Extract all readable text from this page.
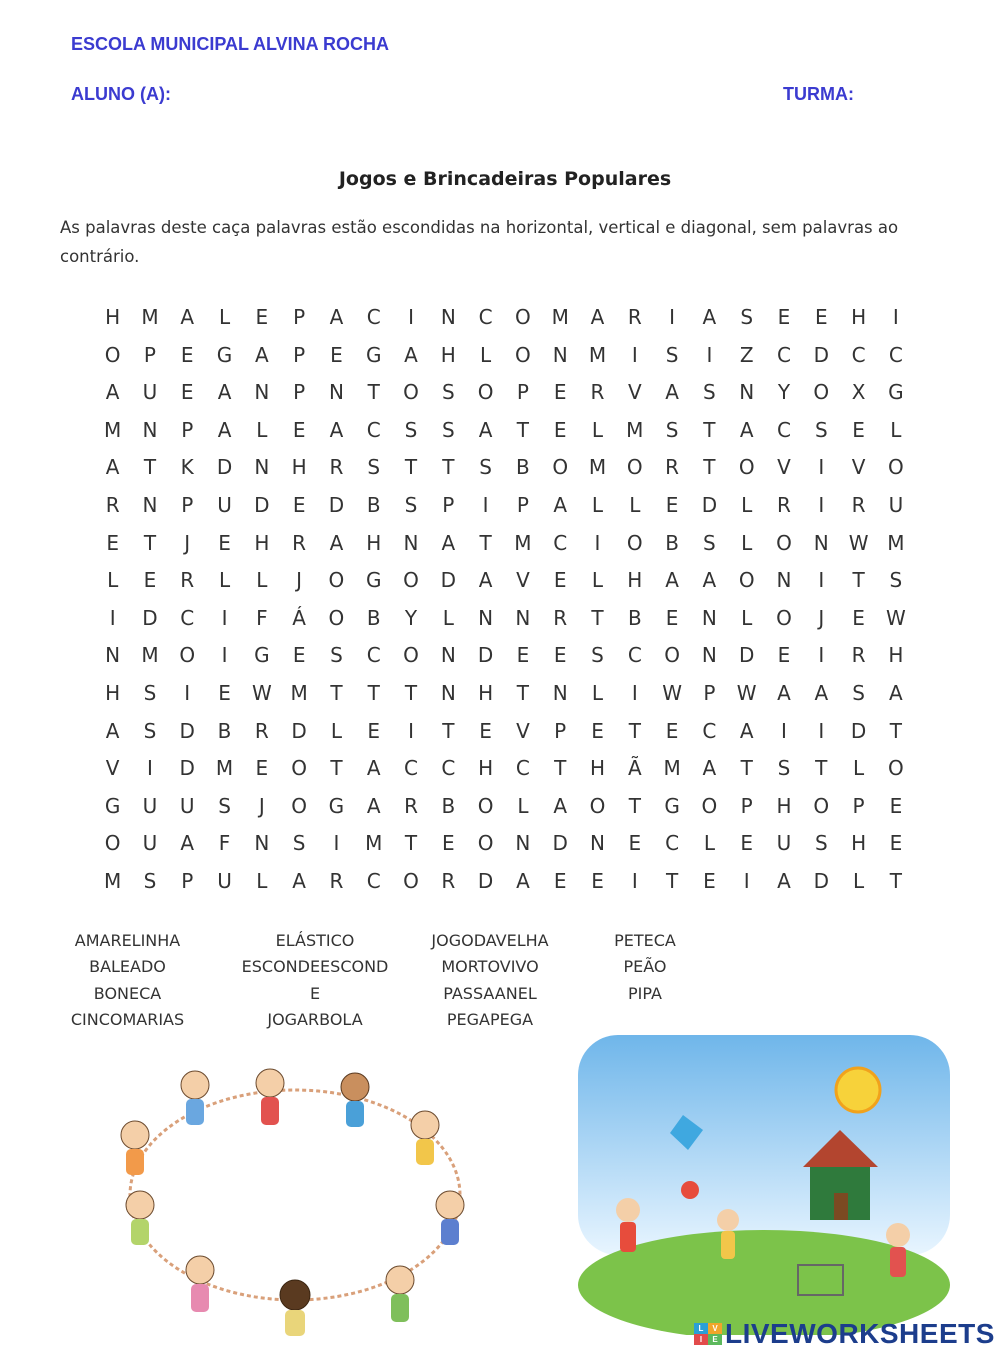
ESCOLA MUNICIPAL ALVINA ROCHA
ALUNO (A):	TURMA:
Jogos e Brincadeiras Populares
As palavras deste caça palavras estão escondidas na horizontal, vertical e diagonal, sem palavras ao contrário.
H	M	A	L	E	P	A	C	I	N	C	O	M	A	R	I	A	S	E	E	H	I
O	P	E	G	A	P	E	G	A	H	L	O	N	M	I	S	I	Z	C	D	C	C
A	U	E	A	N	P	N	T	O	S	O	P	E	R	V	A	S	N	Y	O	X	G
M	N	P	A	L	E	A	C	S	S	A	T	E	L	M	S	T	A	C	S	E	L
A	T	K	D	N	H	R	S	T	T	S	B	O	M	O	R	T	O	V	I	V	O
R	N	P	U	D	E	D	B	S	P	I	P	A	L	L	E	D	L	R	I	R	U
E	T	J	E	H	R	A	H	N	A	T	M	C	I	O	B	S	L	O	N W M
L	E	R	L	L	J	O	G	O	D	A	V	E	L	H	A	A	O	N	I	T	S
I	D	C	I	F	Á	O	B	Y	L	N	N	R	T	B	E	N	L	O	J	E	W
N	M	O	I	G	E	S	C	O	N	D	E	E	S	C	O	N	D	E	I	R	H
H	S	I	E	W M	T	T	T	N	H	T	N	L	I	W	P	W	A	A	S	A
A	S	D	B	R	D	L	E	I	T	E	V	P	E	T	E	C	A	I	I	D	T
V	I	D	M	E	O	T	A	C	C	H	C	T	H	Ã	M	A	T	S	T	L	O
G	U	U	S	J	O	G	A	R	B	O	L	A	O	T	G	O	P	H	O	P	E
O	U	A	F	N	S	I	M	T	E	O	N	D	N	E	C	L	E	U	S	H	E
M	S	P	U	L	A	R	C	O	R	D	A	E	E	I	T	E	I	A	D	L	T
AMARELINHA
BALEADO
BONECA
CINCOMARIAS
ELÁSTICO
ESCONDEESCOND
E
JOGARBOLA
JOGODAVELHA
MORTOVIVO
PASSAANEL
PEGAPEGA
PETECA
PEÃO
PIPA
L
I
V
E LIVEWORKSHEETS
